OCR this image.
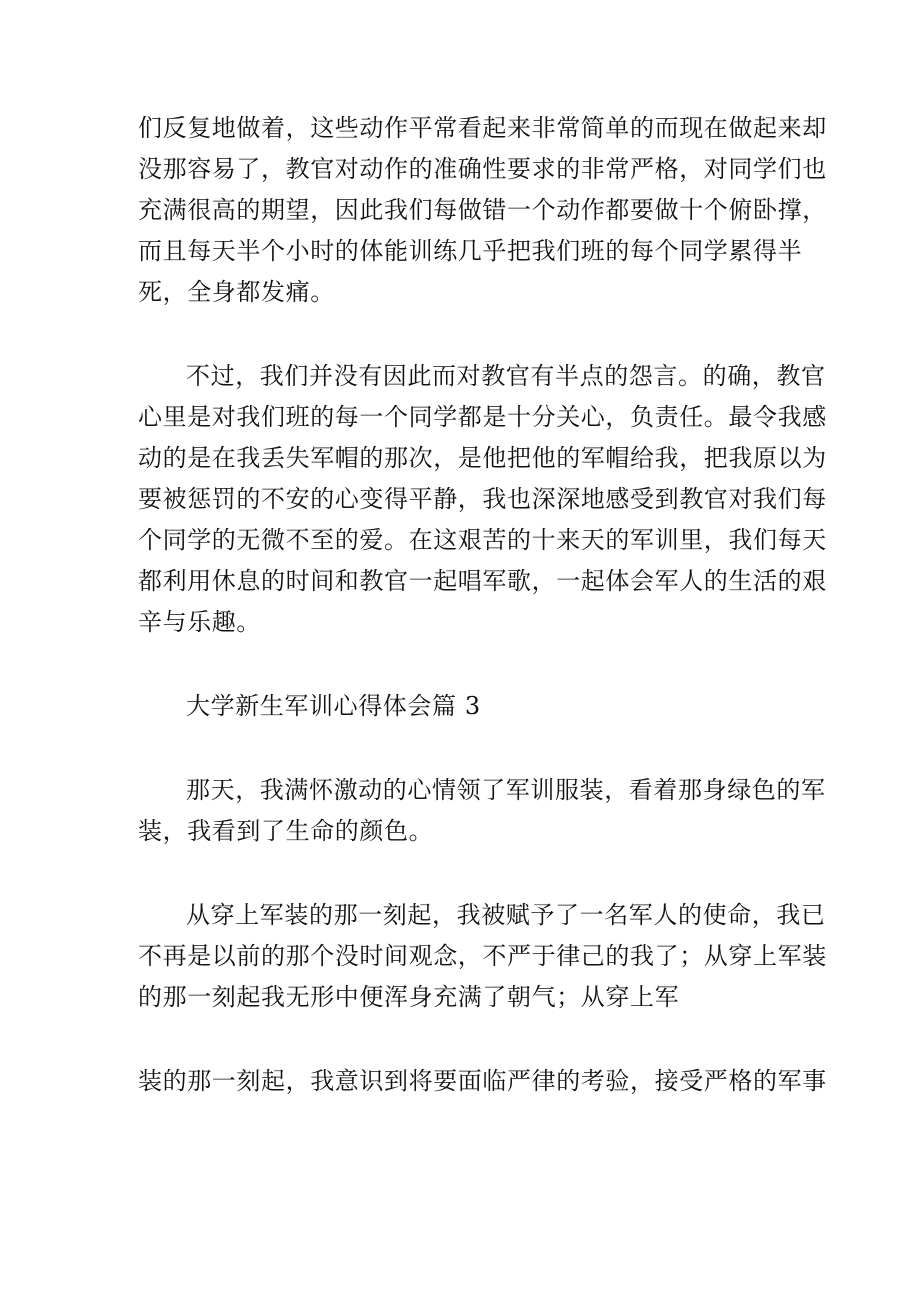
们反复地做着，这些动作平常看起来非常简单的而现在做起来却
没那容易了，教官对动作的准确性要求的非常严格，对同学们也
充满很高的期望，因此我们每做错一个动作都要做十个俯卧撑，
而且每天半个小时的体能训练几乎把我们班的每个同学累得半
死，全身都发痛。
不过，我们并没有因此而对教官有半点的怨言。的确，教官
心里是对我们班的每一个同学都是十分关心，负责任。最令我感
动的是在我丢失军帽的那次，是他把他的军帽给我，把我原以为
要被惩罚的不安的心变得平静，我也深深地感受到教官对我们每
个同学的无微不至的爱。在这艰苦的十来天的军训里，我们每天
都利用休息的时间和教官一起唱军歌，一起体会军人的生活的艰
辛与乐趣。
大学新生军训心得体会篇 3
那天，我满怀激动的心情领了军训服装，看着那身绿色的军
装，我看到了生命的颜色。
从穿上军装的那一刻起，我被赋予了一名军人的使命，我已
不再是以前的那个没时间观念，不严于律己的我了；从穿上军装
的那一刻起我无形中便浑身充满了朝气；从穿上军
装的那一刻起，我意识到将要面临严律的考验，接受严格的军事
